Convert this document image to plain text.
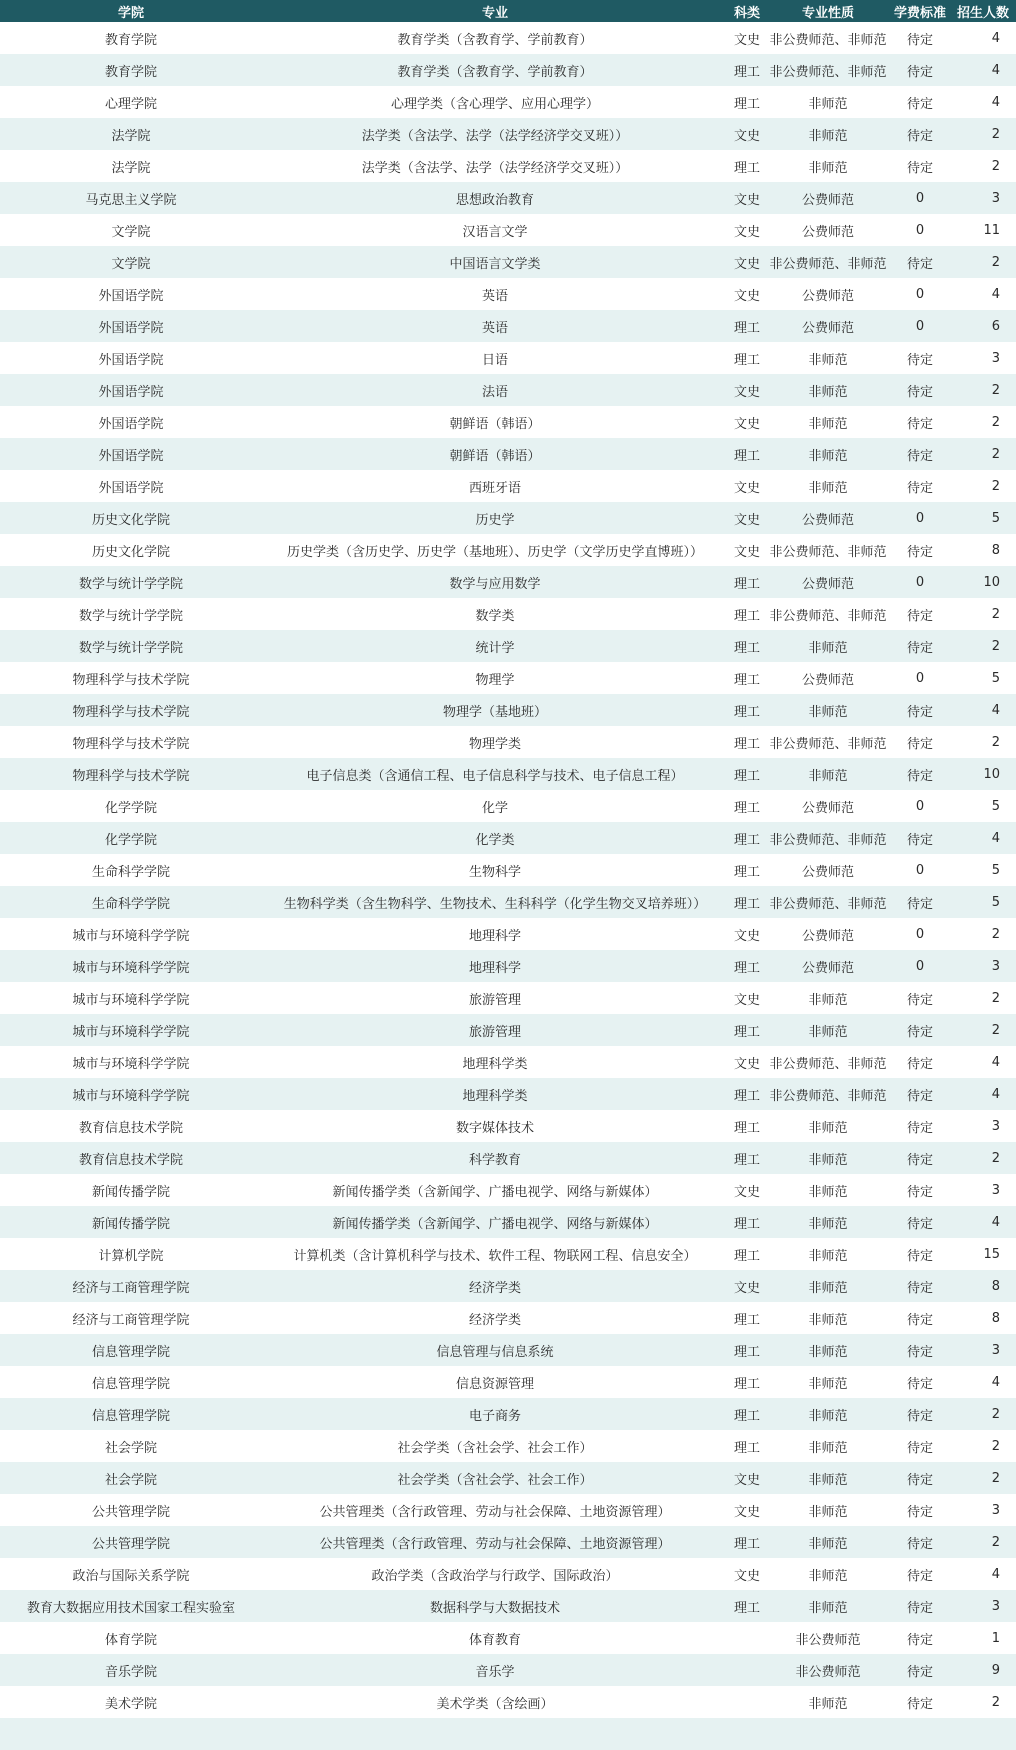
学院	专业	科类	专业性质	学费标准	招生人数
教育学院	教育学类（含教育学、学前教育）	文史	非公费师范、非师范	待定	4
教育学院	教育学类（含教育学、学前教育）	理工	非公费师范、非师范	待定	4
心理学院	心理学类（含心理学、应用心理学）	理工	非师范	待定	4
法学院	法学类（含法学、法学（法学经济学交叉班））	文史	非师范	待定	2
法学院	法学类（含法学、法学（法学经济学交叉班））	理工	非师范	待定	2
马克思主义学院	思想政治教育	文史	公费师范	0	3
文学院	汉语言文学	文史	公费师范	0	11
文学院	中国语言文学类	文史	非公费师范、非师范	待定	2
外国语学院	英语	文史	公费师范	0	4
外国语学院	英语	理工	公费师范	0	6
外国语学院	日语	理工	非师范	待定	3
外国语学院	法语	文史	非师范	待定	2
外国语学院	朝鲜语（韩语）	文史	非师范	待定	2
外国语学院	朝鲜语（韩语）	理工	非师范	待定	2
外国语学院	西班牙语	文史	非师范	待定	2
历史文化学院	历史学	文史	公费师范	0	5
历史文化学院	历史学类（含历史学、历史学（基地班）、历史学（文学历史学直博班））	文史	非公费师范、非师范	待定	8
数学与统计学学院	数学与应用数学	理工	公费师范	0	10
数学与统计学学院	数学类	理工	非公费师范、非师范	待定	2
数学与统计学学院	统计学	理工	非师范	待定	2
物理科学与技术学院	物理学	理工	公费师范	0	5
物理科学与技术学院	物理学（基地班）	理工	非师范	待定	4
物理科学与技术学院	物理学类	理工	非公费师范、非师范	待定	2
物理科学与技术学院	电子信息类（含通信工程、电子信息科学与技术、电子信息工程）	理工	非师范	待定	10
化学学院	化学	理工	公费师范	0	5
化学学院	化学类	理工	非公费师范、非师范	待定	4
生命科学学院	生物科学	理工	公费师范	0	5
生命科学学院	生物科学类（含生物科学、生物技术、生科科学（化学生物交叉培养班））	理工	非公费师范、非师范	待定	5
城市与环境科学学院	地理科学	文史	公费师范	0	2
城市与环境科学学院	地理科学	理工	公费师范	0	3
城市与环境科学学院	旅游管理	文史	非师范	待定	2
城市与环境科学学院	旅游管理	理工	非师范	待定	2
城市与环境科学学院	地理科学类	文史	非公费师范、非师范	待定	4
城市与环境科学学院	地理科学类	理工	非公费师范、非师范	待定	4
教育信息技术学院	数字媒体技术	理工	非师范	待定	3
教育信息技术学院	科学教育	理工	非师范	待定	2
新闻传播学院	新闻传播学类（含新闻学、广播电视学、网络与新媒体）	文史	非师范	待定	3
新闻传播学院	新闻传播学类（含新闻学、广播电视学、网络与新媒体）	理工	非师范	待定	4
计算机学院	计算机类（含计算机科学与技术、软件工程、物联网工程、信息安全）	理工	非师范	待定	15
经济与工商管理学院	经济学类	文史	非师范	待定	8
经济与工商管理学院	经济学类	理工	非师范	待定	8
信息管理学院	信息管理与信息系统	理工	非师范	待定	3
信息管理学院	信息资源管理	理工	非师范	待定	4
信息管理学院	电子商务	理工	非师范	待定	2
社会学院	社会学类（含社会学、社会工作）	理工	非师范	待定	2
社会学院	社会学类（含社会学、社会工作）	文史	非师范	待定	2
公共管理学院	公共管理类（含行政管理、劳动与社会保障、土地资源管理）	文史	非师范	待定	3
公共管理学院	公共管理类（含行政管理、劳动与社会保障、土地资源管理）	理工	非师范	待定	2
政治与国际关系学院	政治学类（含政治学与行政学、国际政治）	文史	非师范	待定	4
教育大数据应用技术国家工程实验室	数据科学与大数据技术	理工	非师范	待定	3
体育学院	体育教育		非公费师范	待定	1
音乐学院	音乐学		非公费师范	待定	9
美术学院	美术学类（含绘画）		非师范	待定	2
